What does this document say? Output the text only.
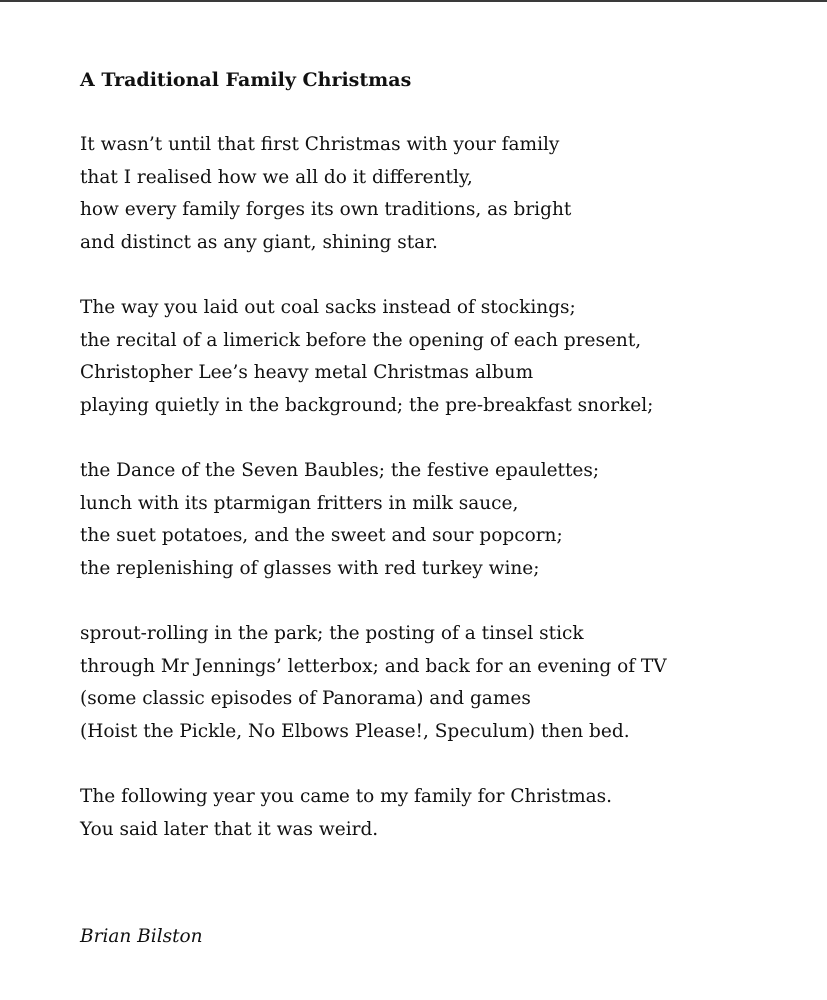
A Traditional Family Christmas
It wasn’t until that first Christmas with your family
that I realised how we all do it differently,
how every family forges its own traditions, as bright
and distinct as any giant, shining star.
The way you laid out coal sacks instead of stockings;
the recital of a limerick before the opening of each present,
Christopher Lee’s heavy metal Christmas album
playing quietly in the background; the pre-breakfast snorkel;
the Dance of the Seven Baubles; the festive epaulettes;
lunch with its ptarmigan fritters in milk sauce,
the suet potatoes, and the sweet and sour popcorn;
the replenishing of glasses with red turkey wine;
sprout-rolling in the park; the posting of a tinsel stick
through Mr Jennings’ letterbox; and back for an evening of TV
(some classic episodes of Panorama) and games
(Hoist the Pickle, No Elbows Please!, Speculum) then bed.
The following year you came to my family for Christmas.
You said later that it was weird.
Brian Bilston
